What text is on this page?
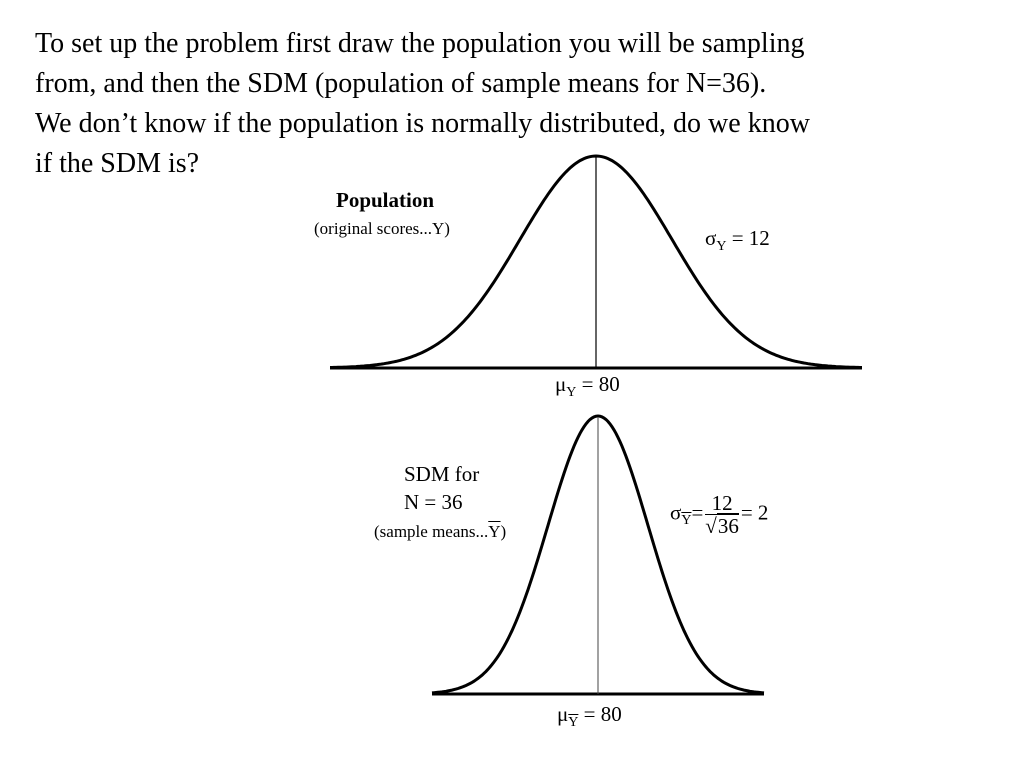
To set up the problem first draw the population you will be sampling
from, and then the SDM (population of sample means for N=36).
We don’t know if the population is normally distributed, do we know
if the SDM is?
Population
(original scores...Y)	$\sigma_Y = 12$
$\mu_Y = 80$
SDM for
N = 36
(sample $means...\overline{Y}$)
$\sigma_{\overline{Y}}= \frac{12}{√36} = 2$
$\mu_{\overline{Y}} = 80$
